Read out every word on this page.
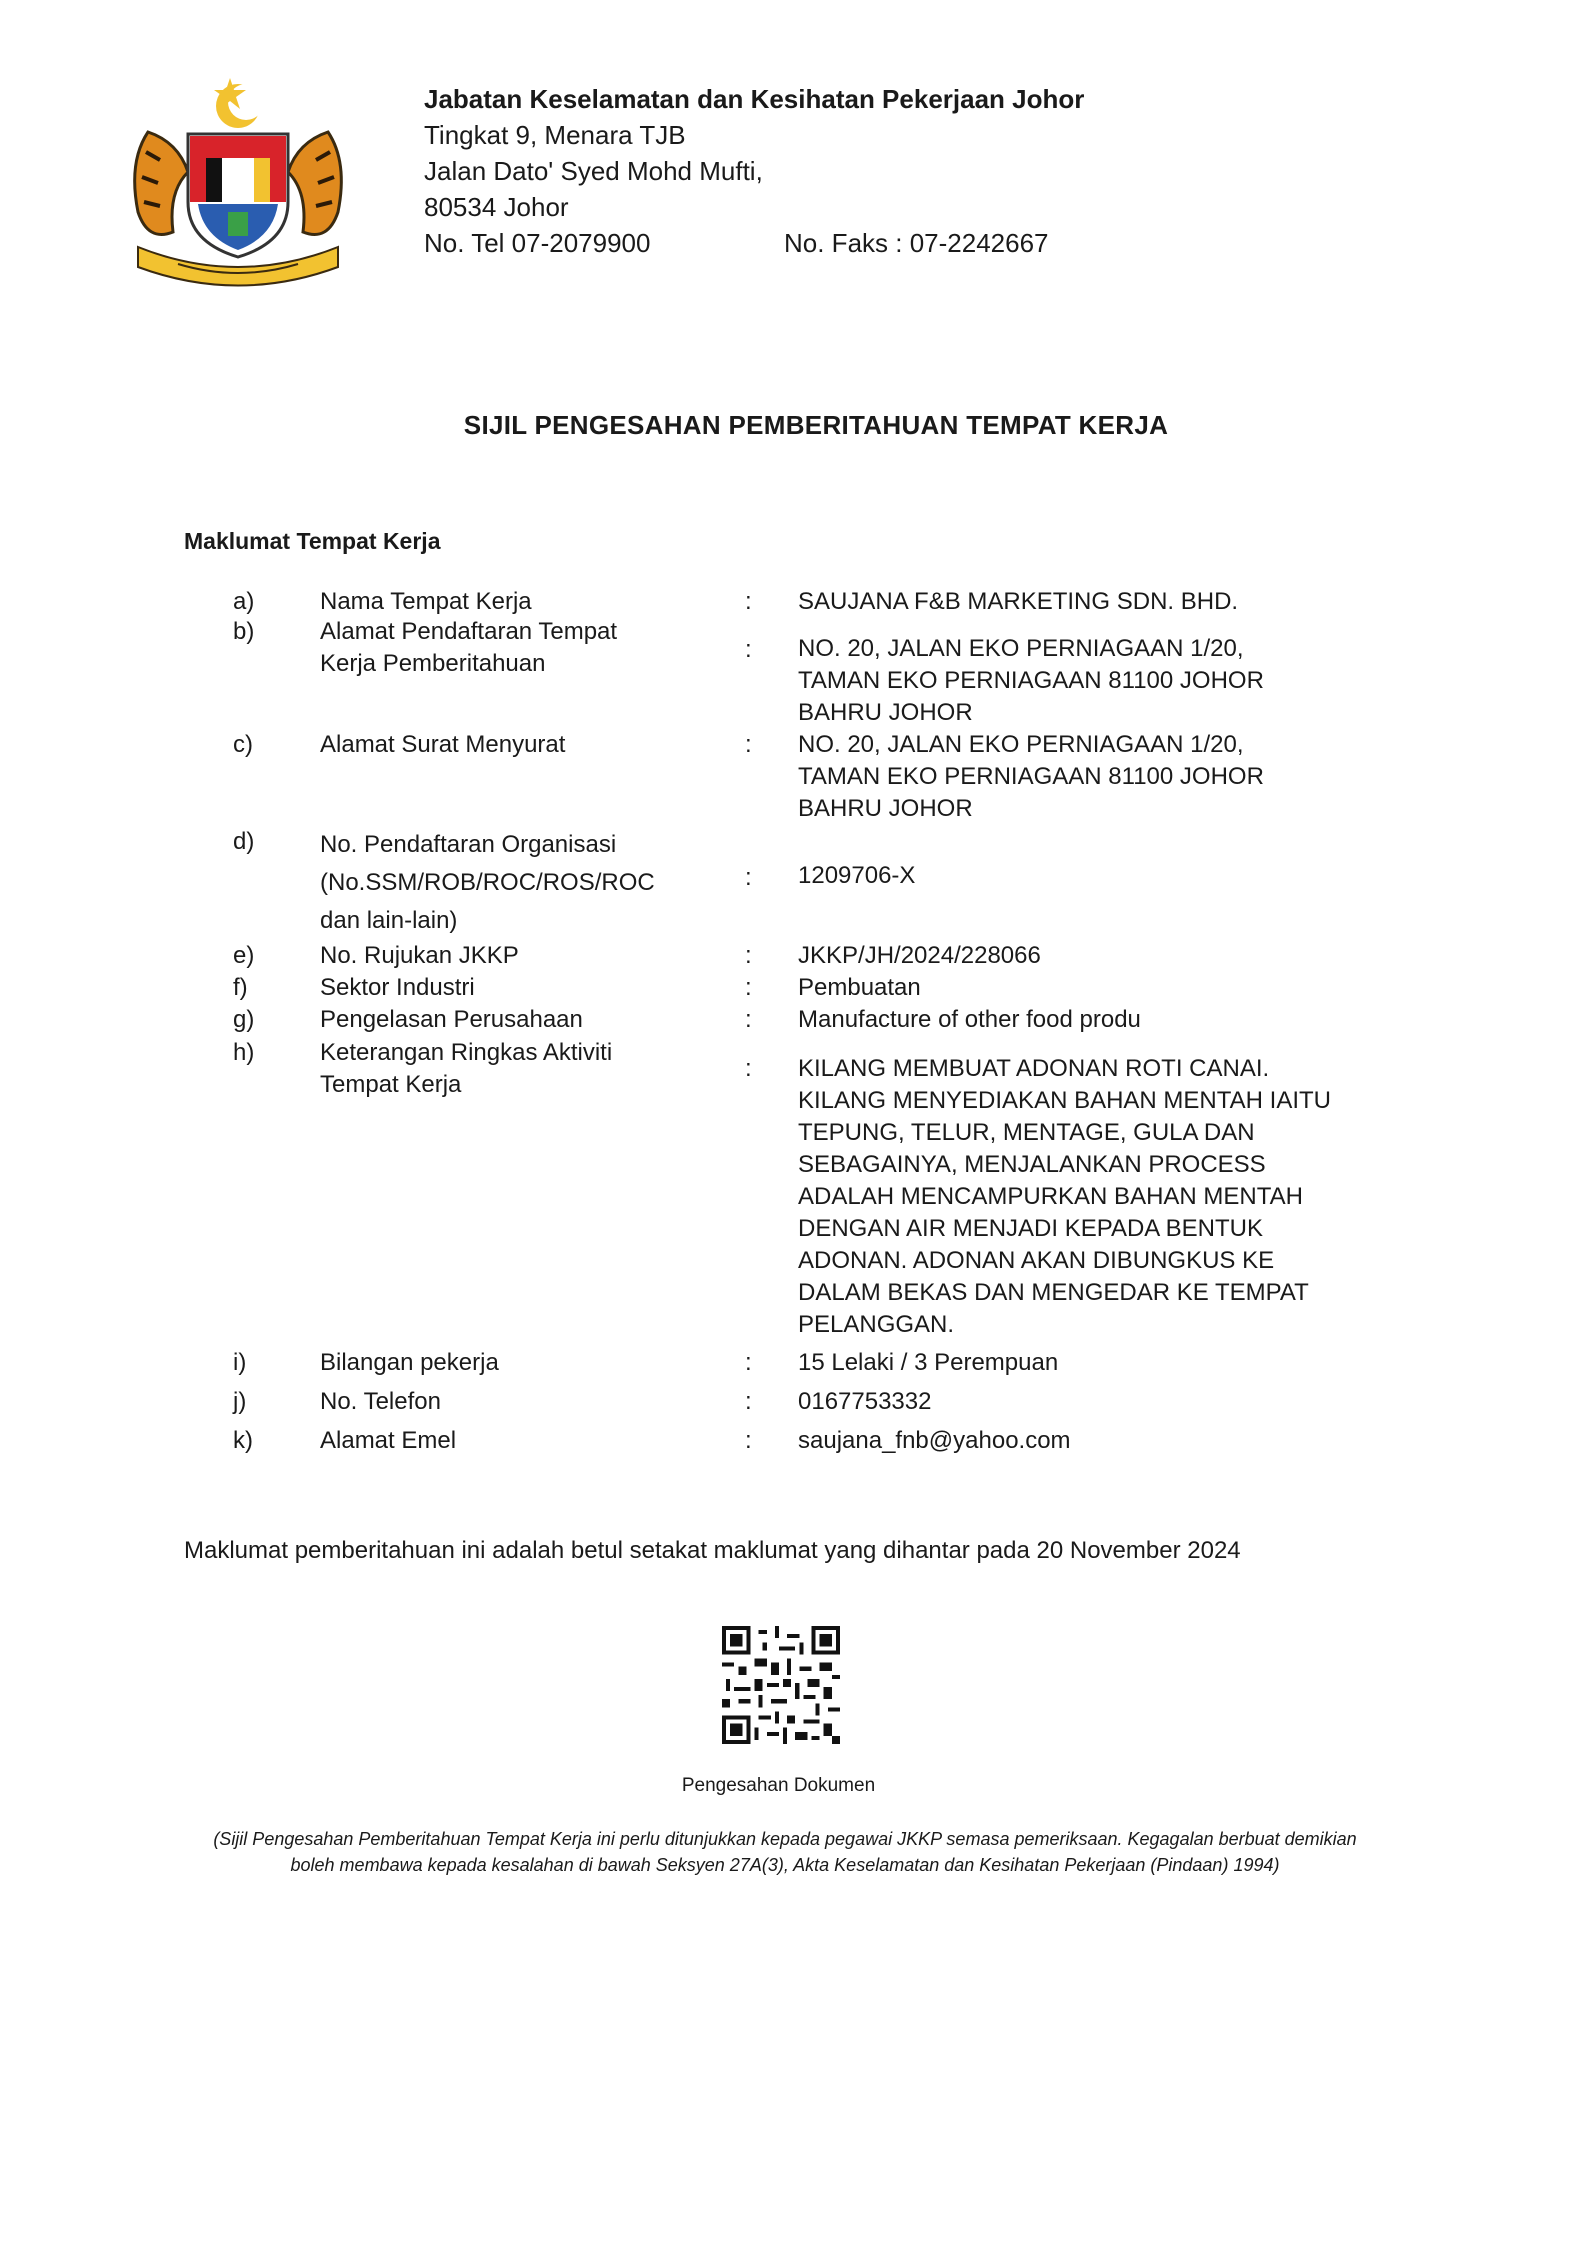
Jabatan Keselamatan dan Kesihatan Pekerjaan Johor
Tingkat 9, Menara TJB
Jalan Dato' Syed Mohd Mufti,
80534 Johor
No. Tel 07-2079900	No. Faks : 07-2242667
SIJIL PENGESAHAN PEMBERITAHUAN TEMPAT KERJA
Maklumat Tempat Kerja
a)	Nama Tempat Kerja	: SAUJANA F&B MARKETING SDN. BHD.
b)	Alamat Pendaftaran Tempat Kerja Pemberitahuan
: NO. 20, JALAN EKO PERNIAGAAN 1/20, TAMAN EKO PERNIAGAAN 81100 JOHOR BAHRU JOHOR
c)	Alamat Surat Menyurat	: NO. 20, JALAN EKO PERNIAGAAN 1/20, TAMAN EKO PERNIAGAAN 81100 JOHOR BAHRU JOHOR
d)	No. Pendaftaran Organisasi (No.SSM/ROB/ROC/ROS/ROC dan lain-lain)
: 1209706-X
e)	No. Rujukan JKKP	: JKKP/JH/2024/228066
f)	Sektor Industri	: Pembuatan
g)	Pengelasan Perusahaan	: Manufacture of other food produ
h)	Keterangan Ringkas Aktiviti Tempat Kerja
: KILANG MEMBUAT ADONAN ROTI CANAI. KILANG MENYEDIAKAN BAHAN MENTAH IAITU TEPUNG, TELUR, MENTAGE, GULA DAN SEBAGAINYA, MENJALANKAN PROCESS ADALAH MENCAMPURKAN BAHAN MENTAH DENGAN AIR MENJADI KEPADA BENTUK ADONAN. ADONAN AKAN DIBUNGKUS KE DALAM BEKAS DAN MENGEDAR KE TEMPAT PELANGGAN.
i)	Bilangan pekerja	: 15 Lelaki / 3 Perempuan
j)	No. Telefon	: 0167753332
k)	Alamat Emel	: saujana_fnb@yahoo.com
Maklumat pemberitahuan ini adalah betul setakat maklumat yang dihantar pada 20 November 2024
Pengesahan Dokumen
(Sijil Pengesahan Pemberitahuan Tempat Kerja ini perlu ditunjukkan kepada pegawai JKKP semasa pemeriksaan. Kegagalan berbuat demikian boleh membawa kepada kesalahan di bawah Seksyen 27A(3), Akta Keselamatan dan Kesihatan Pekerjaan (Pindaan) 1994)
